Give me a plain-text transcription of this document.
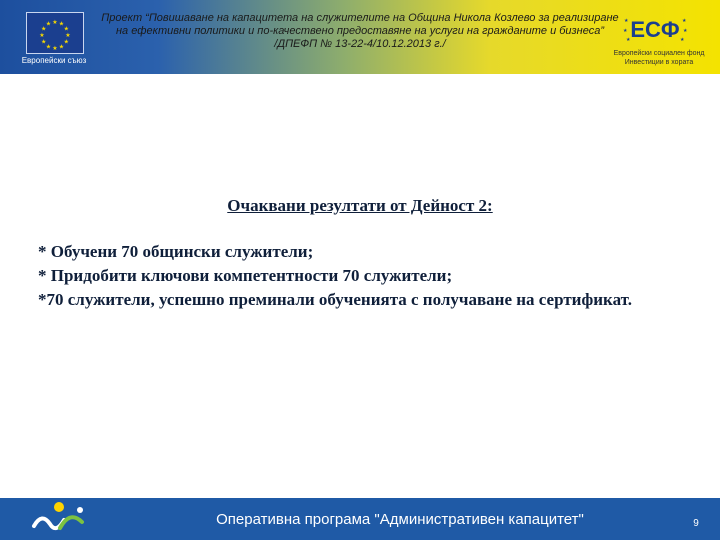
★ ★
★
★
★
★
★
★
★
★
★
★
Европейски съюз
Проект “Повишаване на капацитета на служителите на Община Никола Козлево за реализиране
на ефективни политики и по-качествено предоставяне на услуги на гражданите и бизнеса”
/ДПЕФП № 13-22-4/10.12.2013 г./
ЕСФ
★
★
★
★
★
★
Европейски социален фонд
Инвестиции в хората
Очаквани резултати от Дейност 2:
* Обучени 70 общински служители;
* Придобити ключови компетентности 70 служители;
*70 служители, успешно преминали обученията с получаване на сертификат.
Оперативна програма "Административен капацитет"	9
